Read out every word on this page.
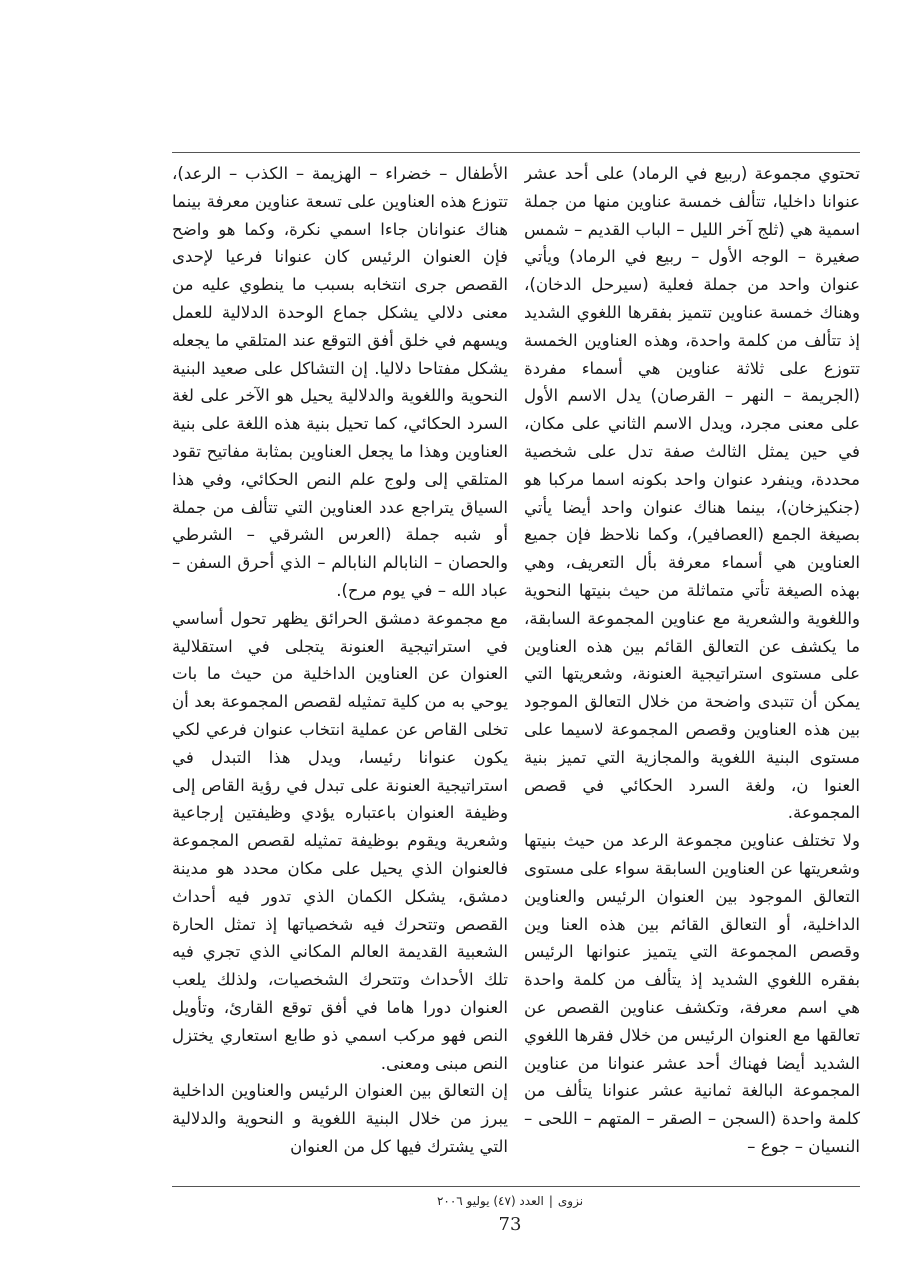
تحتوي مجموعة (ربيع في الرماد) على أحد عشر عنوانا داخليا، تتألف خمسة عناوين منها من جملة اسمية هي (ثلج آخر الليل – الباب القديم – شمس صغيرة – الوجه الأول – ربيع في الرماد) ويأتي عنوان واحد من جملة فعلية (سيرحل الدخان)، وهناك خمسة عناوين تتميز بفقرها اللغوي الشديد إذ تتألف من كلمة واحدة، وهذه العناوين الخمسة تتوزع على ثلاثة عناوين هي أسماء مفردة (الجريمة – النهر – القرصان) يدل الاسم الأول على معنى مجرد، ويدل الاسم الثاني على مكان، في حين يمثل الثالث صفة تدل على شخصية محددة، وينفرد عنوان واحد بكونه اسما مركبا هو (جنكيزخان)، بينما هناك عنوان واحد أيضا يأتي بصيغة الجمع (العصافير)، وكما نلاحظ فإن جميع العناوين هي أسماء معرفة بأل التعريف، وهي بهذه الصيغة تأتي متماثلة من حيث بنيتها النحوية واللغوية والشعرية مع عناوين المجموعة السابقة، ما يكشف عن التعالق القائم بين هذه العناوين على مستوى استراتيجية العنونة، وشعريتها التي يمكن أن تتبدى واضحة من خلال التعالق الموجود بين هذه العناوين وقصص المجموعة لاسيما على مستوى البنية اللغوية والمجازية التي تميز بنية العنوا ن، ولغة السرد الحكائي في قصص المجموعة.

ولا تختلف عناوين مجموعة الرعد من حيث بنيتها وشعريتها عن العناوين السابقة سواء على مستوى التعالق الموجود بين العنوان الرئيس والعناوين الداخلية، أو التعالق القائم بين هذه العنا وين وقصص المجموعة التي يتميز عنوانها الرئيس بفقره اللغوي الشديد إذ يتألف من كلمة واحدة هي اسم معرفة، وتكشف عناوين القصص عن تعالقها مع العنوان الرئيس من خلال فقرها اللغوي الشديد أيضا فهناك أحد عشر عنوانا من عناوين المجموعة البالغة ثمانية عشر عنوانا يتألف من كلمة واحدة (السجن – الصقر – المتهم – اللحى – النسيان – جوع –

الأطفال – خضراء – الهزيمة – الكذب – الرعد)، تتوزع هذه العناوين على تسعة عناوين معرفة بينما هناك عنوانان جاءا اسمي نكرة، وكما هو واضح فإن العنوان الرئيس كان عنوانا فرعيا لإحدى القصص جرى انتخابه بسبب ما ينطوي عليه من معنى دلالي يشكل جماع الوحدة الدلالية للعمل ويسهم في خلق أفق التوقع عند المتلقي ما يجعله يشكل مفتاحا دلاليا. إن التشاكل على صعيد البنية النحوية واللغوية والدلالية يحيل هو الآخر على لغة السرد الحكائي، كما تحيل بنية هذه اللغة على بنية العناوين وهذا ما يجعل العناوين بمثابة مفاتيح تقود المتلقي إلى ولوج علم النص الحكائي، وفي هذا السياق يتراجع عدد العناوين التي تتألف من جملة أو شبه جملة (العرس الشرقي – الشرطي والحصان – النابالم النابالم – الذي أحرق السفن – عباد الله – في يوم مرح).

مع مجموعة دمشق الحرائق يظهر تحول أساسي في استراتيجية العنونة يتجلى في استقلالية العنوان عن العناوين الداخلية من حيث ما بات يوحي به من كلية تمثيله لقصص المجموعة بعد أن تخلى القاص عن عملية انتخاب عنوان فرعي لكي يكون عنوانا رئيسا، ويدل هذا التبدل في استراتيجية العنونة على تبدل في رؤية القاص إلى وظيفة العنوان باعتباره يؤدي وظيفتين إرجاعية وشعرية ويقوم بوظيفة تمثيله لقصص المجموعة فالعنوان الذي يحيل على مكان محدد هو مدينة دمشق، يشكل الكمان الذي تدور فيه أحداث القصص وتتحرك فيه شخصياتها إذ تمثل الحارة الشعبية القديمة العالم المكاني الذي تجري فيه تلك الأحداث وتتحرك الشخصيات، ولذلك يلعب العنوان دورا هاما في أفق توقع القارئ، وتأويل النص فهو مركب اسمي ذو طابع استعاري يختزل النص مبنى ومعنى.

إن التعالق بين العنوان الرئيس والعناوين الداخلية يبرز من خلال البنية اللغوية و النحوية والدلالية التي يشترك فيها كل من العنوان

نزوى|العدد (٤٧) يوليو ٢٠٠٦
73
